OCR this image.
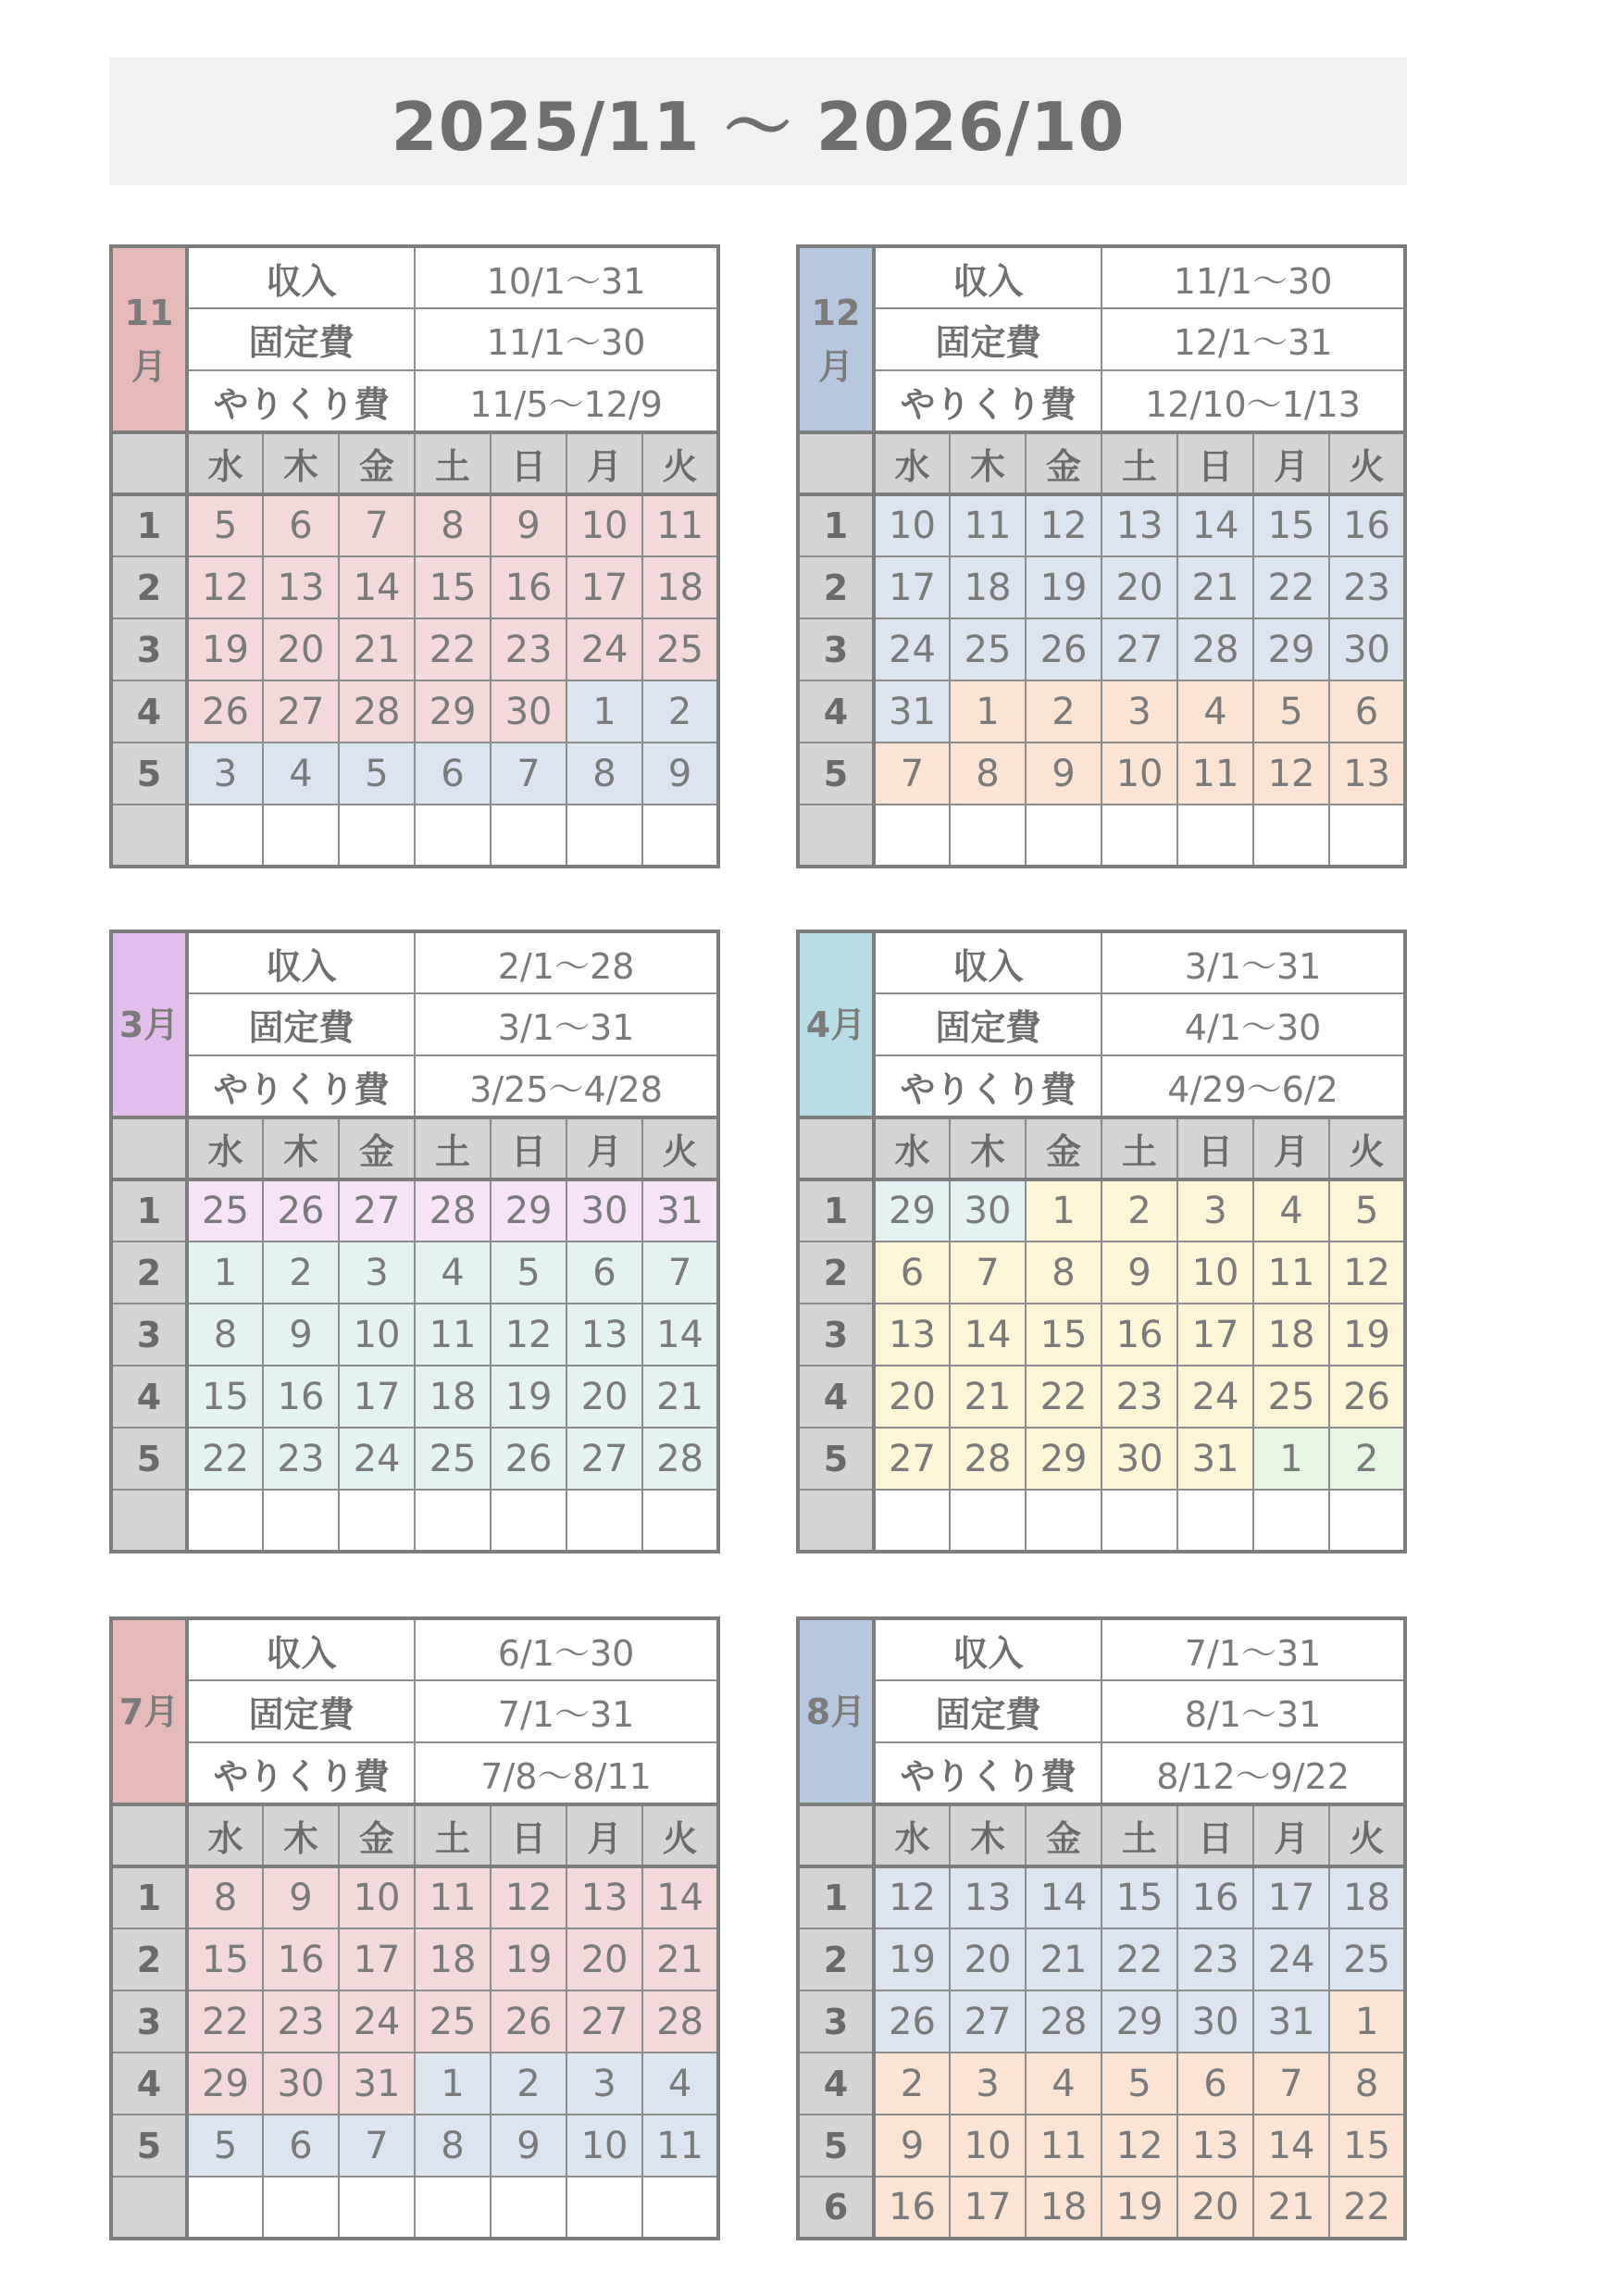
2025/11 ～ 2026/10
11月	収入			10/1～31			
	固定費			11/1～30			
	やりくり費			11/5～12/9			
	水	木	金	土	日	月	火
1	5	6	7	8	9	10	11
2	12	13	14	15	16	17	18
3	19	20	21	22	23	24	25
4	26	27	28	29	30	1	2
5	3	4	5	6	7	8	9

12月	収入			11/1～30			
	固定費			12/1～31			
	やりくり費			12/10～1/13			
	水	木	金	土	日	月	火
1	10	11	12	13	14	15	16
2	17	18	19	20	21	22	23
3	24	25	26	27	28	29	30
4	31	1	2	3	4	5	6
5	7	8	9	10	11	12	13

3月	収入			2/1～28			
	固定費			3/1～31			
	やりくり費			3/25～4/28			
	水	木	金	土	日	月	火
1	25	26	27	28	29	30	31
2	1	2	3	4	5	6	7
3	8	9	10	11	12	13	14
4	15	16	17	18	19	20	21
5	22	23	24	25	26	27	28

4月	収入			3/1～31			
	固定費			4/1～30			
	やりくり費			4/29～6/2			
	水	木	金	土	日	月	火
1	29	30	1	2	3	4	5
2	6	7	8	9	10	11	12
3	13	14	15	16	17	18	19
4	20	21	22	23	24	25	26
5	27	28	29	30	31	1	2

7月	収入			6/1～30			
	固定費			7/1～31			
	やりくり費			7/8～8/11			
	水	木	金	土	日	月	火
1	8	9	10	11	12	13	14
2	15	16	17	18	19	20	21
3	22	23	24	25	26	27	28
4	29	30	31	1	2	3	4
5	5	6	7	8	9	10	11

8月	収入			7/1～31			
	固定費			8/1～31			
	やりくり費			8/12～9/22			
	水	木	金	土	日	月	火
1	12	13	14	15	16	17	18
2	19	20	21	22	23	24	25
3	26	27	28	29	30	31	1
4	2	3	4	5	6	7	8
5	9	10	11	12	13	14	15
6	16	17	18	19	20	21	22
